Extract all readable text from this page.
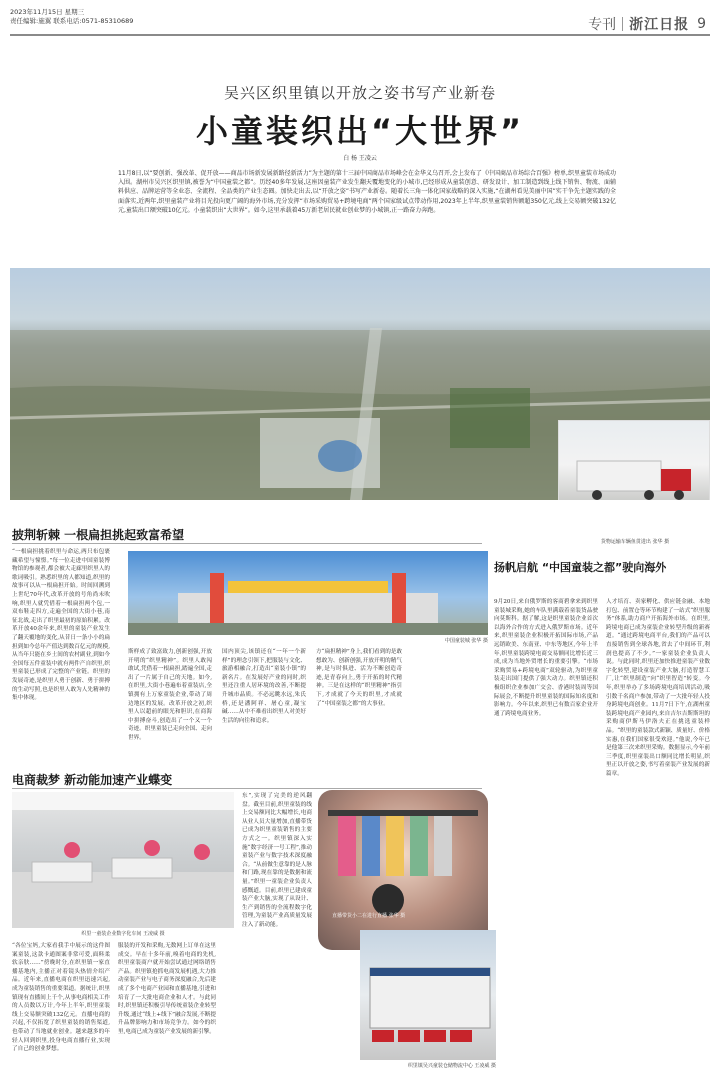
2023年11月15日 星期三
责任编辑:施翼 联系电话:0571-85310689	专刊 浙江日报 9
吴兴区织里镇以开放之姿书写产业新卷
小童装织出“大世界”
白 杨 王凌云
11月8日,以“要创新、强改革、促开放——商品市场新发展新路径新活力”为主题的第十三届中国商品市场峰会在金华义乌召开,会上发布了《中国商品市场综合百强》榜单,织里童装市场成功入围。湖州市吴兴区织里镇,被誉为“中国童装之都”。历经40多年发展,这座因童装产业发生翻天覆地变化的小城市,已经形成从童装创意、研发设计、加工制造到线上线下销售、物流、面辅料供应、品牌运营等全业态、全流程、全品类的产业生态圈。加快走出去,以“开放之姿”书写产业新卷。随着长三角一体化国家战略的深入实施,“在湖州看见美丽中国”实干争先主题实践的全面落实,近两年,织里童装产业将目光投向更广阔的海外市场,充分发挥“市场采购贸易+跨境电商”两个国家级试点带动作用,2023年上半年,织里童装销售额超350亿元,线上交易额突破132亿元,童装出口额突破10亿元。小童装织出“大世界”。如今,这里承载着45万新老居民就业创业梦的小城镇,正一路奋力奔跑。
货物运输车辆鱼贯进出 张华 摄
披荆斩棘 一根扁担挑起致富希望
“一根扁担挑着织里与命运,两只布包裹藏希望与憧憬。”每一位走进中国童装博物馆的参观者,都会被大走廊里织里人的歌词吸引。熟悉织里的人都知道,织里的故事可以从一根扁担开始。时间回溯到上世纪70年代,改革开放的号角尚未吹响,织里人就凭借着一根扁担两个包,一双布鞋走四方,走遍全国的大街小巷,南征北战,走出了织里最初的原始积累。改革开放40余年来,织里的童装产业发生了翻天覆地的变化,从昔日一条小小的扁担到如今总年产值达到数百亿元的规模,从当年只能在乡土间的农村副业,到如今全国每五件童装中就有两件产自织里,织里童装已形成了完整的产业链。织里的发展奇迹,是织里人勇于创新、勇于拼搏的生动写照,也是织里人敢为人先精神的集中体现。
中国童装城 张华 摄
斯样成了致富致力,创新创强,开放开明的“织里精神”。织里人敢闯敢试,凭借着一根扁担,踏遍全国,走出了一片属于自己的天地。如今,在织里,大街小巷遍布着童装店,全镇拥有上万家童装企业,带动了周边地区的发展。改革开放之初,织里人以超前的眼光和胆识,在商海中拼搏奋斗,创造出了一个又一个奇迹。织里童装已走向全国、走向世界。
国内顶尖,该镇还在“一年一个新样”的理念引领下,把服装与文化、旅游相融合,打造出“童装小镇”的新名片。在发展好产业的同时,织里还注重人居环境的改善,不断提升城市品质。不必远眺水远,朱氏桥,还是潘阿祥、屠心童,凝宝碱……从中不难看出织里人对美好生活的向往和追求。
方“扁担精神”身上,我们看到的是敢想敢为、创新创强,开放开明的精气神,是与时俱进、活为不断创造奇迹,是青春向上,勇于开拓的时代精神。三是在这样的“织里精神”指引下,才成就了今天的织里,才成就了“中国童装之都”的大事业。
扬帆启航 “中国童装之都”驶向海外
9月20日,来自俄罗斯的客商碧拿来到织里童装城采购,她的车队里满载着童装货品驶向莫斯科。据了解,这是织里童装企业首次以海外合作的方式进入俄罗斯市场。近年来,织里童装企业积极开拓国际市场,产品远销欧美、东南亚、中东等地区,今年上半年,织里童装跨境电商交易额同比增长近三成,成为当地外贸增长的重要引擎。“市场采购贸易+跨境电商”双轮驱动,为织里童装走出国门提供了强大动力。织里镇还积极组织企业参加广交会、香港时装周等国际展会,不断提升织里童装的国际知名度和影响力。今年以来,织里已有数百家企业开通了跨境电商业务。
人才培育、卖家孵化、供应链金融、本地打包、前置仓等环节构建了一站式“织里服务”体系,助力商户开拓海外市场。在织里,跨境电商已成为童装企业转型升级的新赛道。“通过跨境电商平台,我们的产品可以直接销售到全球各地,省去了中间环节,利润也提高了不少。”一家童装企业负责人说。与此同时,织里还加快推进童装产业数字化转型,建设童装产业大脑,打造智慧工厂,让“织里制造”向“织里智造”转变。今年,织里举办了多场跨境电商培训活动,吸引数千名商户参加,带动了一大批年轻人投身跨境电商创业。11月7日下午,在湖州童装跨境电商产业园内,来自吉尔吉斯斯坦的采购商伊斯马伊洛夫正在挑选童装样品。“织里的童装款式新颖、质量好、价格实惠,在我们国家很受欢迎。”他说,今年已是他第三次来织里采购。数据显示,今年前三季度,织里童装出口额同比增长明显,织里正以开放之姿,书写着童装产业发展的新篇章。
电商裁梦 新动能加速产业蝶变
织里一童装企业数字化车间 王凌威 摄
直播带货小二在进行直播 张华 摄
“各位宝妈,大家看我手中展示的这件图案童装,这款卡通图案非常可爱,面料柔软亲肤……”傍晚时分,在织里镇一家直播基地内,主播正对着镜头热情介绍产品。近年来,直播电商在织里迅速兴起,成为童装销售的重要渠道。据统计,织里镇现有直播间上千个,从事电商相关工作的人员数以万计,今年上半年,织里童装线上交易额突破132亿元。直播电商的兴起,不仅拓宽了织里童装的销售渠道,也带动了当地就业创业。越来越多的年轻人回到织里,投身电商直播行业,实现了自己的创业梦想。
服装的开发和采购,无数网上订单在这里成交。早在十多年前,嗅着电商的先机,织里童装商户就开始尝试通过网络销售产品。织里镇抢抓电商发展机遇,大力推动童装产业与电子商务深度融合,先后建成了多个电商产业园和直播基地,引进和培育了一大批电商企业和人才。与此同时,织里镇还积极引导传统童装企业转型升级,通过“线上+线下”融合发展,不断提升品牌影响力和市场竞争力。如今的织里,电商已成为童装产业发展的新引擎。
东”,实现了完美的逆风翻盘。截至目前,织里童装的线上交易额同比大幅增长,电商从业人员大量增加,直播带货已成为织里童装销售的主要方式之一。织里镇深入实施“数字经济一号工程”,推动童装产业与数字技术深度融合。“从前做生意靠的是人脉和门路,现在靠的是数据和流量。”织里一童装企业负责人感慨道。目前,织里已建成童装产业大脑,实现了从设计、生产到销售的全流程数字化管理,为童装产业高质量发展注入了新动能。
织里镇吴兴童装仓储物流中心 王凌威 摄
